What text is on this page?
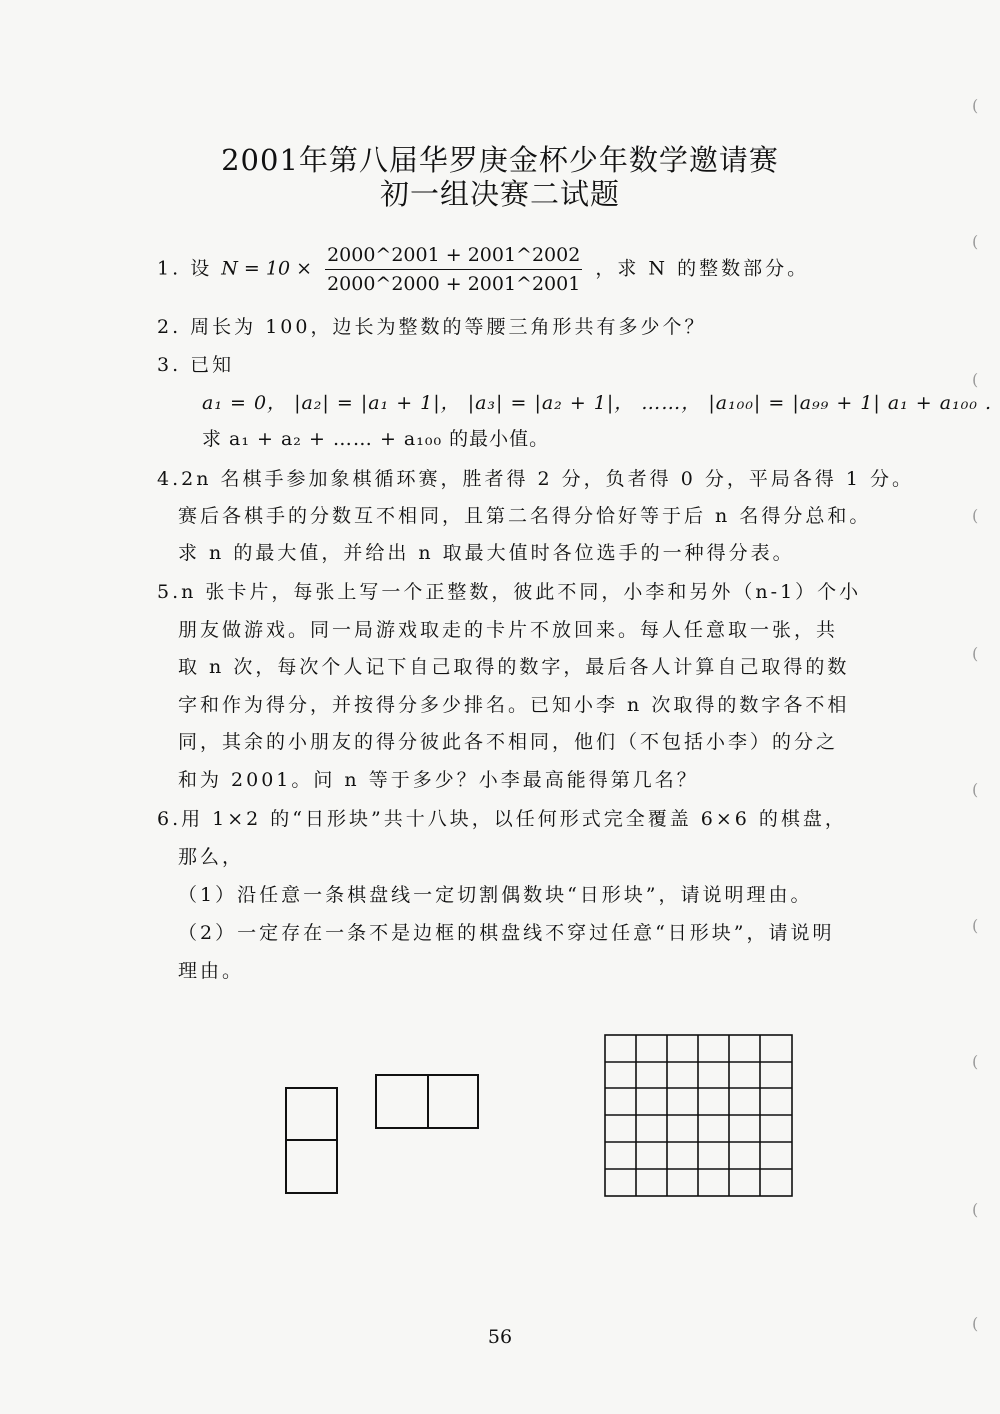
2001年第八届华罗庚金杯少年数学邀请赛
初一组决赛二试题
1. 设 $N = 10 \times \frac{2000\^{}2001 + 2001\^{}2002}{2000\^{}2000 + 2001\^{}2001}$ ，求 N 的整数部分。
2. 周长为 100，边长为整数的等腰三角形共有多少个？
3. 已知
a₁ = 0， |a₂| = |a₁ + 1|， |a₃| = |a₂ + 1|， ……， |a₁₀₀| = |a₉₉ + 1| a₁ + a₁₀₀ .
求 a₁ + a₂ + …… + a₁₀₀ 的最小值。
4.2n 名棋手参加象棋循环赛，胜者得 2 分，负者得 0 分，平局各得 1 分。
赛后各棋手的分数互不相同，且第二名得分恰好等于后 n 名得分总和。
求 n 的最大值，并给出 n 取最大值时各位选手的一种得分表。
5.n 张卡片，每张上写一个正整数，彼此不同，小李和另外（n-1）个小
朋友做游戏。同一局游戏取走的卡片不放回来。每人任意取一张，共
取 n 次，每次个人记下自己取得的数字，最后各人计算自己取得的数
字和作为得分，并按得分多少排名。已知小李 n 次取得的数字各不相
同，其余的小朋友的得分彼此各不相同，他们（不包括小李）的分之
和为 2001。问 n 等于多少？小李最高能得第几名？
6.用 1×2 的“日形块”共十八块，以任何形式完全覆盖 6×6 的棋盘，
那么，
（1）沿任意一条棋盘线一定切割偶数块“日形块”，请说明理由。
（2）一定存在一条不是边框的棋盘线不穿过任意“日形块”，请说明
理由。
56
(
(
(
(
(
(
(
(
(
(
